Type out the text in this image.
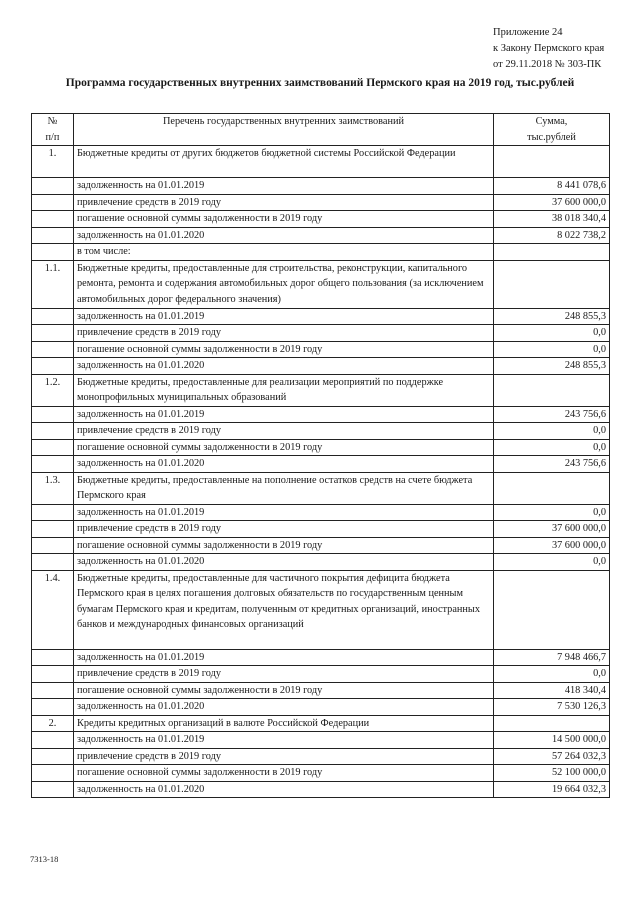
Приложение 24
к Закону Пермского края
от 29.11.2018 № 303-ПК
Программа государственных внутренних заимствований Пермского края на 2019 год, тыс.рублей
№
п/п	Перечень государственных внутренних заимствований	Сумма,
тыс.рублей
1.	Бюджетные кредиты от других бюджетов бюджетной системы Российской Федерации	
	задолженность на 01.01.2019	8 441 078,6
	привлечение средств в 2019 году	37 600 000,0
	погашение основной суммы задолженности в 2019 году	38 018 340,4
	задолженность на 01.01.2020	8 022 738,2
	в том числе:	
1.1.	Бюджетные кредиты, предоставленные для строительства, реконструкции, капитального ремонта, ремонта и содержания автомобильных дорог общего пользования (за исключением автомобильных дорог федерального значения)	
	задолженность на 01.01.2019	248 855,3
	привлечение средств в 2019 году	0,0
	погашение основной суммы задолженности в 2019 году	0,0
	задолженность на 01.01.2020	248 855,3
1.2.	Бюджетные кредиты, предоставленные для реализации мероприятий по поддержке монопрофильных муниципальных образований	
	задолженность на 01.01.2019	243 756,6
	привлечение средств в 2019 году	0,0
	погашение основной суммы задолженности в 2019 году	0,0
	задолженность на 01.01.2020	243 756,6
1.3.	Бюджетные кредиты, предоставленные на пополнение остатков средств на счете бюджета Пермского края	
	задолженность на 01.01.2019	0,0
	привлечение средств в 2019 году	37 600 000,0
	погашение основной суммы задолженности в 2019 году	37 600 000,0
	задолженность на 01.01.2020	0,0
1.4.	Бюджетные кредиты, предоставленные для частичного покрытия дефицита бюджета Пермского края в целях погашения долговых обязательств по государственным ценным бумагам Пермского края и кредитам, полученным от кредитных организаций, иностранных банков и международных финансовых организаций	
	задолженность на 01.01.2019	7 948 466,7
	привлечение средств в 2019 году	0,0
	погашение основной суммы задолженности в 2019 году	418 340,4
	задолженность на 01.01.2020	7 530 126,3
2.	Кредиты кредитных организаций в валюте Российской Федерации	
	задолженность на 01.01.2019	14 500 000,0
	привлечение средств в 2019 году	57 264 032,3
	погашение основной суммы задолженности в 2019 году	52 100 000,0
	задолженность на 01.01.2020	19 664 032,3
7313-18
